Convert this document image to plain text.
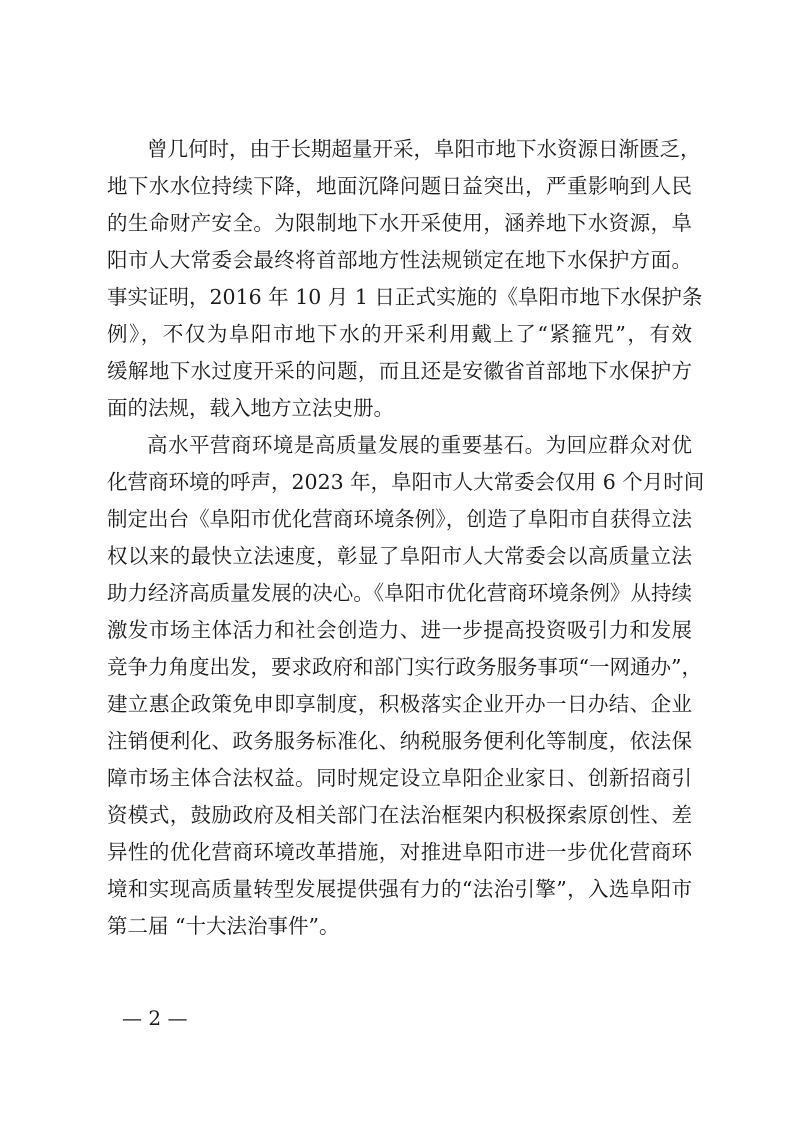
曾几何时，由于长期超量开采，阜阳市地下水资源日渐匮乏，

地下水水位持续下降，地面沉降问题日益突出，严重影响到人民

的生命财产安全。为限制地下水开采使用，涵养地下水资源，阜

阳市人大常委会最终将首部地方性法规锁定在地下水保护方面。

事实证明，2016 年 10 月 1 日正式实施的《阜阳市地下水保护条

例》，不仅为阜阳市地下水的开采利用戴上了“紧箍咒”，有效

缓解地下水过度开采的问题，而且还是安徽省首部地下水保护方

面的法规，载入地方立法史册。

高水平营商环境是高质量发展的重要基石。为回应群众对优

化营商环境的呼声，2023 年，阜阳市人大常委会仅用 6 个月时间

制定出台《阜阳市优化营商环境条例》，创造了阜阳市自获得立法

权以来的最快立法速度，彰显了阜阳市人大常委会以高质量立法

助力经济高质量发展的决心。《阜阳市优化营商环境条例》从持续

激发市场主体活力和社会创造力、进一步提高投资吸引力和发展

竞争力角度出发，要求政府和部门实行政务服务事项“一网通办”，

建立惠企政策免申即享制度，积极落实企业开办一日办结、企业

注销便利化、政务服务标准化、纳税服务便利化等制度，依法保

障市场主体合法权益。同时规定设立阜阳企业家日、创新招商引

资模式，鼓励政府及相关部门在法治框架内积极探索原创性、差

异性的优化营商环境改革措施，对推进阜阳市进一步优化营商环

境和实现高质量转型发展提供强有力的“法治引擎”，入选阜阳市

第二届 “十大法治事件”。

— 2 —
